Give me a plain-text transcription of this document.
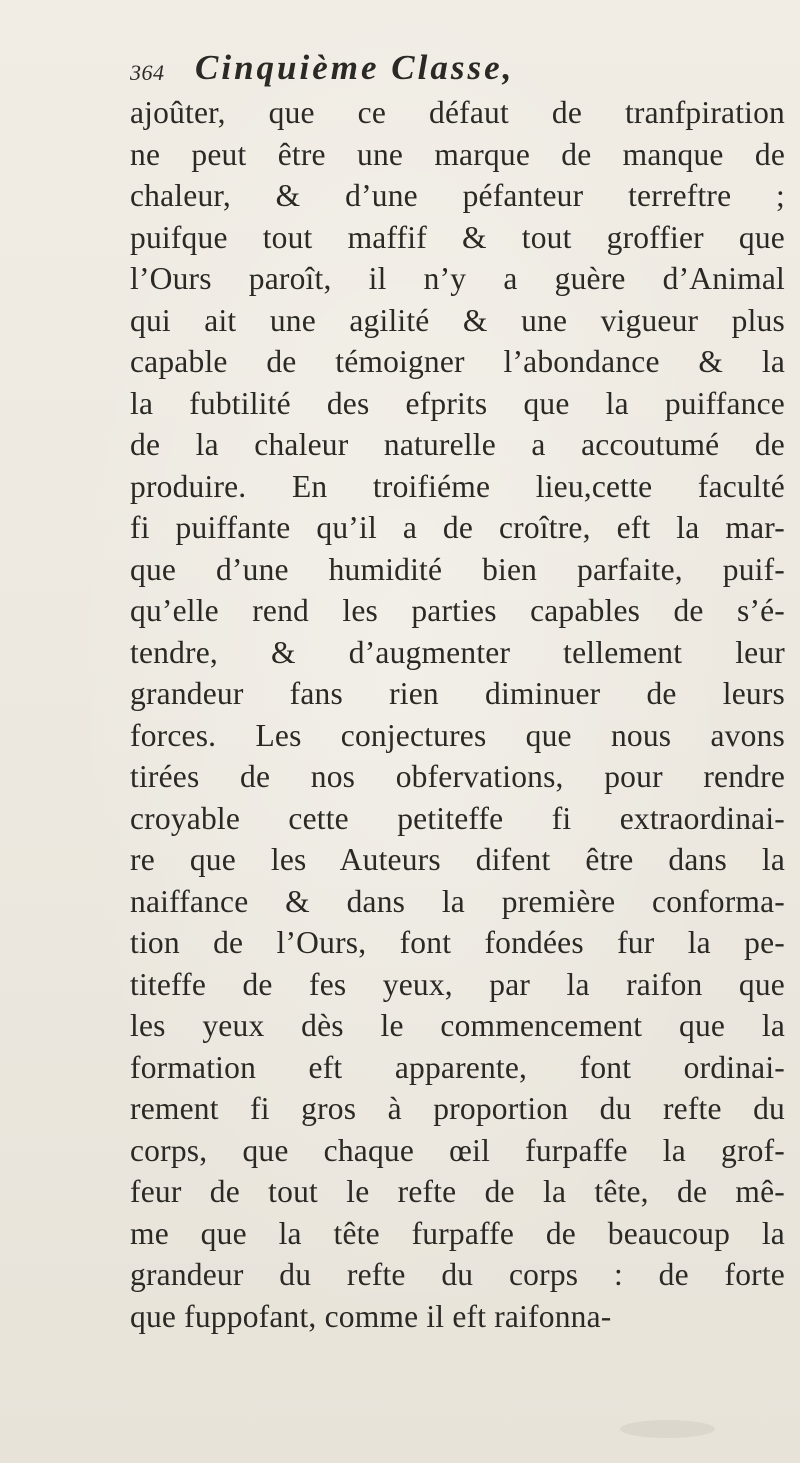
364 Cinquième Classe,
ajoûter, que ce défaut de tranfpiration
ne peut être une marque de manque de
chaleur, & d’une péfanteur terreftre ;
puifque tout maffif & tout groffier que
l’Ours paroît, il n’y a guère d’Animal
qui ait une agilité & une vigueur plus
capable de témoigner l’abondance & la
la fubtilité des efprits que la puiffance
de la chaleur naturelle a accoutumé de
produire. En troifiéme lieu,cette faculté
fi puiffante qu’il a de croître, eft la mar-
que d’une humidité bien parfaite, puif-
qu’elle rend les parties capables de s’é-
tendre, & d’augmenter tellement leur
grandeur fans rien diminuer de leurs
forces. Les conjectures que nous avons
tirées de nos obfervations, pour rendre
croyable cette petiteffe fi extraordinai-
re que les Auteurs difent être dans la
naiffance & dans la première conforma-
tion de l’Ours, font fondées fur la pe-
titeffe de fes yeux, par la raifon que
les yeux dès le commencement que la
formation eft apparente, font ordinai-
rement fi gros à proportion du refte du
corps, que chaque œil furpaffe la grof-
feur de tout le refte de la tête, de mê-
me que la tête furpaffe de beaucoup la
grandeur du refte du corps : de forte
que fuppofant, comme il eft raifonna-
